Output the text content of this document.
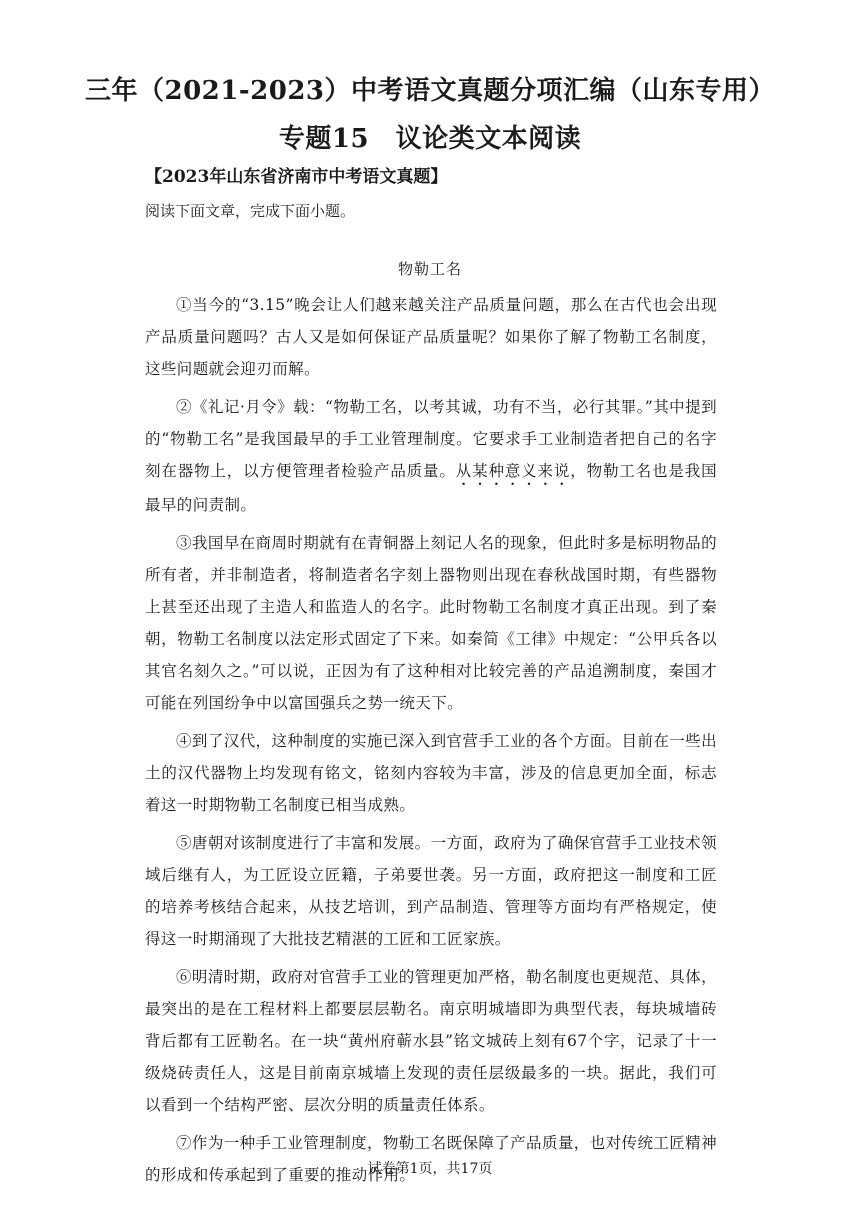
三年（2021-2023）中考语文真题分项汇编（山东专用）
专题15　议论类文本阅读
【2023年山东省济南市中考语文真题】
阅读下面文章，完成下面小题。
物勒工名

①当今的“3.15”晚会让人们越来越关注产品质量问题，那么在古代也会出现产品质量问题吗？古人又是如何保证产品质量呢？如果你了解了物勒工名制度，这些问题就会迎刃而解。

②《礼记·月令》载：“物勒工名，以考其诚，功有不当，必行其罪。”其中提到的“物勒工名”是我国最早的手工业管理制度。它要求手工业制造者把自己的名字刻在器物上，以方便管理者检验产品质量。从某种意义来说，物勒工名也是我国最早的问责制。

③我国早在商周时期就有在青铜器上刻记人名的现象，但此时多是标明物品的所有者，并非制造者，将制造者名字刻上器物则出现在春秋战国时期，有些器物上甚至还出现了主造人和监造人的名字。此时物勒工名制度才真正出现。到了秦朝，物勒工名制度以法定形式固定了下来。如秦简《工律》中规定：“公甲兵各以其官名刻久之。”可以说，正因为有了这种相对比较完善的产品追溯制度，秦国才可能在列国纷争中以富国强兵之势一统天下。

④到了汉代，这种制度的实施已深入到官营手工业的各个方面。目前在一些出土的汉代器物上均发现有铭文，铭刻内容较为丰富，涉及的信息更加全面，标志着这一时期物勒工名制度已相当成熟。

⑤唐朝对该制度进行了丰富和发展。一方面，政府为了确保官营手工业技术领域后继有人，为工匠设立匠籍，子弟要世袭。另一方面，政府把这一制度和工匠的培养考核结合起来，从技艺培训，到产品制造、管理等方面均有严格规定，使得这一时期涌现了大批技艺精湛的工匠和工匠家族。

⑥明清时期，政府对官营手工业的管理更加严格，勒名制度也更规范、具体，最突出的是在工程材料上都要层层勒名。南京明城墙即为典型代表，每块城墙砖背后都有工匠勒名。在一块“黄州府蕲水县”铭文城砖上刻有67个字，记录了十一级烧砖责任人，这是目前南京城墙上发现的责任层级最多的一块。据此，我们可以看到一个结构严密、层次分明的质量责任体系。

⑦作为一种手工业管理制度，物勒工名既保障了产品质量，也对传统工匠精神的形成和传承起到了重要的推动作用。

试卷第1页，共17页
